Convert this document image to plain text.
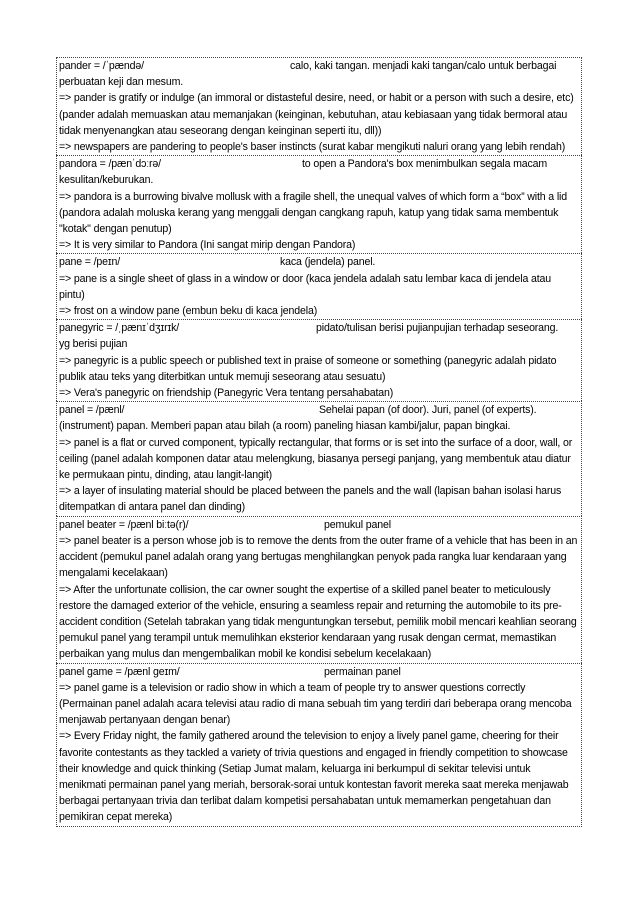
pander = /ˈpændə/	calo, kaki tangan. menjadi kaki tangan/calo untuk berbagai
perbuatan keji dan mesum.
=> pander is gratify or indulge (an immoral or distasteful desire, need, or habit or a person with such a desire, etc) (pander adalah memuaskan atau memanjakan (keinginan, kebutuhan, atau kebiasaan yang tidak bermoral atau tidak menyenangkan atau seseorang dengan keinginan seperti itu, dll))
=> newspapers are pandering to people's baser instincts (surat kabar mengikuti naluri orang yang lebih rendah)
pandora = /pænˈdɔːrə/	to open a Pandora's box menimbulkan segala macam
kesulitan/keburukan.
=> pandora is a burrowing bivalve mollusk with a fragile shell, the unequal valves of which form a “box” with a lid (pandora adalah moluska kerang yang menggali dengan cangkang rapuh, katup yang tidak sama membentuk "kotak" dengan penutup)
=> It is very similar to Pandora (Ini sangat mirip dengan Pandora)
pane = /peɪn/	kaca (jendela) panel.
=> pane is a single sheet of glass in a window or door (kaca jendela adalah satu lembar kaca di jendela atau pintu)
=> frost on a window pane (embun beku di kaca jendela)
panegyric = /ˌpænɪˈdʒɪrɪk/	pidato/tulisan berisi pujianpujian terhadap seseorang.
yg berisi pujian
=> panegyric is a public speech or published text in praise of someone or something (panegyric adalah pidato publik atau teks yang diterbitkan untuk memuji seseorang atau sesuatu)
=> Vera's panegyric on friendship (Panegyric Vera tentang persahabatan)
panel = /pænl/	Sehelai papan (of door). Juri, panel (of experts).
(instrument) papan. Memberi papan atau bilah (a room) paneling hiasan kambi/jalur, papan bingkai.
=> panel is a flat or curved component, typically rectangular, that forms or is set into the surface of a door, wall, or ceiling (panel adalah komponen datar atau melengkung, biasanya persegi panjang, yang membentuk atau diatur ke permukaan pintu, dinding, atau langit-langit)
=> a layer of insulating material should be placed between the panels and the wall (lapisan bahan isolasi harus ditempatkan di antara panel dan dinding)
panel beater = /pænl biːtə(r)/	pemukul panel
=> panel beater is a person whose job is to remove the dents from the outer frame of a vehicle that has been in an accident (pemukul panel adalah orang yang bertugas menghilangkan penyok pada rangka luar kendaraan yang mengalami kecelakaan)
=> After the unfortunate collision, the car owner sought the expertise of a skilled panel beater to meticulously restore the damaged exterior of the vehicle, ensuring a seamless repair and returning the automobile to its pre-accident condition (Setelah tabrakan yang tidak menguntungkan tersebut, pemilik mobil mencari keahlian seorang pemukul panel yang terampil untuk memulihkan eksterior kendaraan yang rusak dengan cermat, memastikan perbaikan yang mulus dan mengembalikan mobil ke kondisi sebelum kecelakaan)
panel game = /pænl ɡeɪm/	permainan panel
=> panel game is a television or radio show in which a team of people try to answer questions correctly (Permainan panel adalah acara televisi atau radio di mana sebuah tim yang terdiri dari beberapa orang mencoba menjawab pertanyaan dengan benar)
=> Every Friday night, the family gathered around the television to enjoy a lively panel game, cheering for their favorite contestants as they tackled a variety of trivia questions and engaged in friendly competition to showcase their knowledge and quick thinking (Setiap Jumat malam, keluarga ini berkumpul di sekitar televisi untuk menikmati permainan panel yang meriah, bersorak-sorai untuk kontestan favorit mereka saat mereka menjawab berbagai pertanyaan trivia dan terlibat dalam kompetisi persahabatan untuk memamerkan pengetahuan dan pemikiran cepat mereka)
